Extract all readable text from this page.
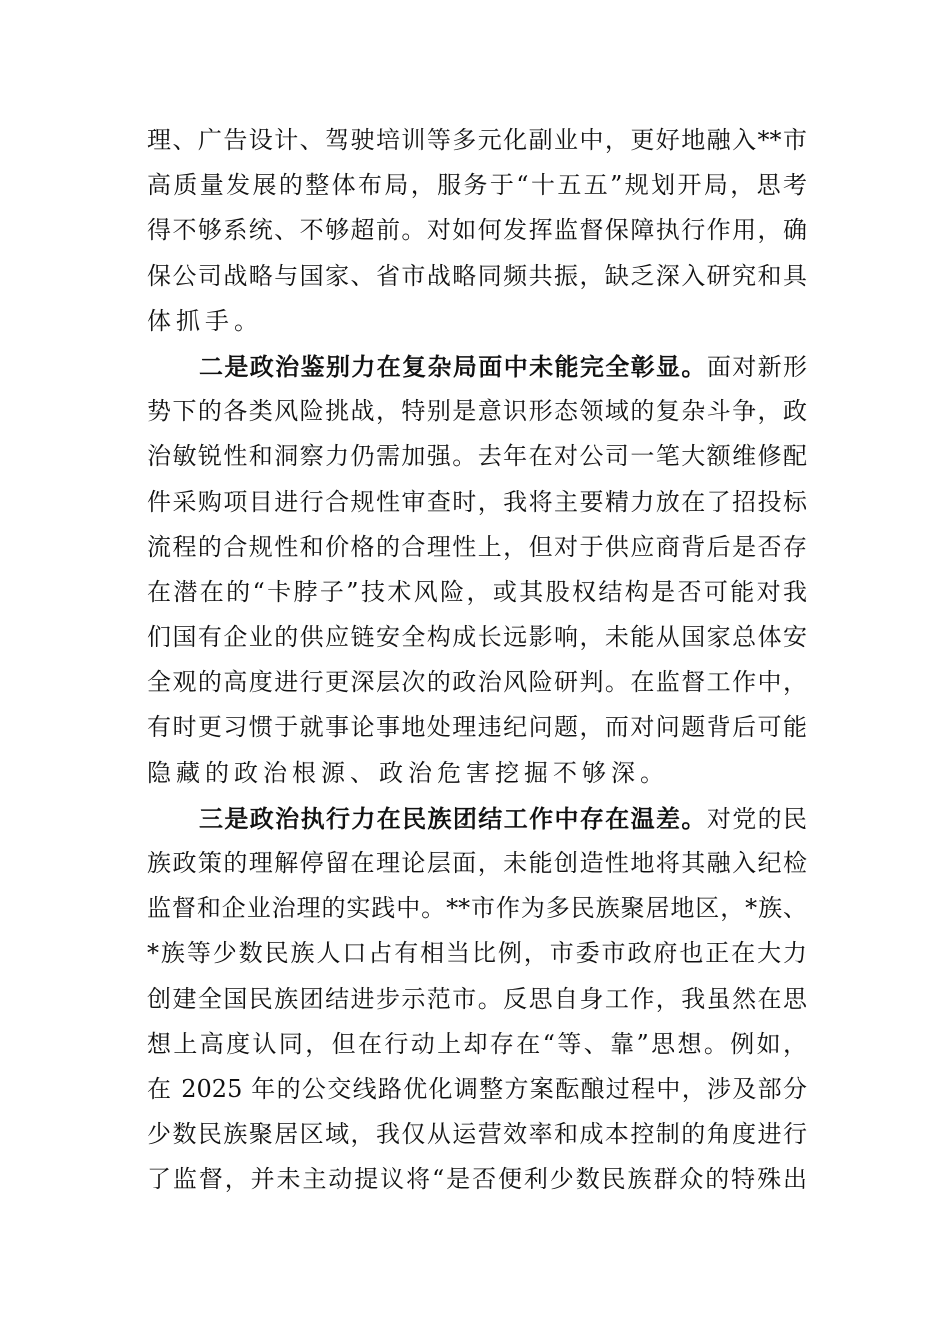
理、广告设计、驾驶培训等多元化副业中，更好地融入**市
高质量发展的整体布局，服务于“十五五”规划开局，思考
得不够系统、不够超前。对如何发挥监督保障执行作用，确
保公司战略与国家、省市战略同频共振，缺乏深入研究和具
体抓手。
二是政治鉴别力在复杂局面中未能完全彰显。面对新形
势下的各类风险挑战，特别是意识形态领域的复杂斗争，政
治敏锐性和洞察力仍需加强。去年在对公司一笔大额维修配
件采购项目进行合规性审查时，我将主要精力放在了招投标
流程的合规性和价格的合理性上，但对于供应商背后是否存
在潜在的“卡脖子”技术风险，或其股权结构是否可能对我
们国有企业的供应链安全构成长远影响，未能从国家总体安
全观的高度进行更深层次的政治风险研判。在监督工作中，
有时更习惯于就事论事地处理违纪问题，而对问题背后可能
隐藏的政治根源、政治危害挖掘不够深。
三是政治执行力在民族团结工作中存在温差。对党的民
族政策的理解停留在理论层面，未能创造性地将其融入纪检
监督和企业治理的实践中。**市作为多民族聚居地区，*族、
*族等少数民族人口占有相当比例，市委市政府也正在大力
创建全国民族团结进步示范市。反思自身工作，我虽然在思
想上高度认同，但在行动上却存在“等、靠”思想。例如，
在 2025 年的公交线路优化调整方案酝酿过程中，涉及部分
少数民族聚居区域，我仅从运营效率和成本控制的角度进行
了监督，并未主动提议将“是否便利少数民族群众的特殊出
